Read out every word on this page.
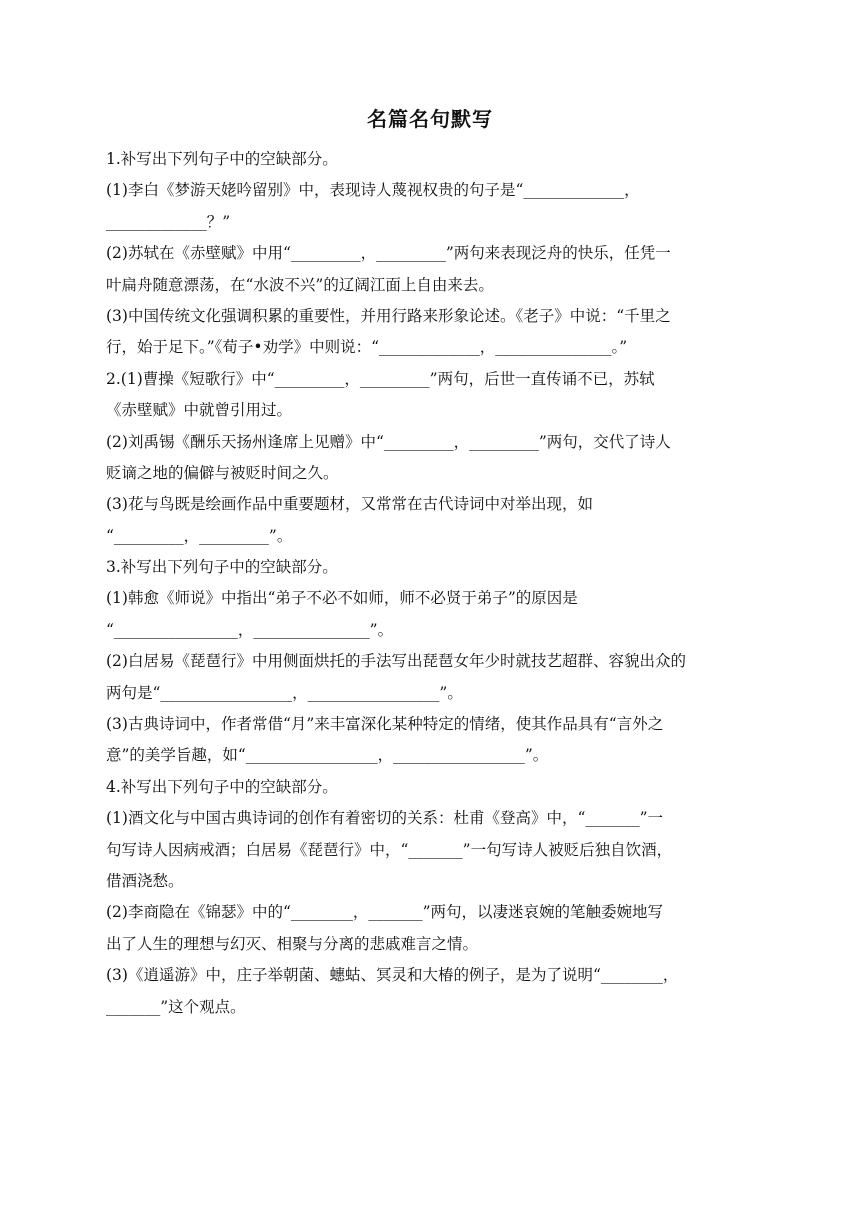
名篇名句默写
1.补写出下列句子中的空缺部分。
(1)李白《梦游天姥吟留别》中，表现诗人蔑视权贵的句子是“_____________，
_____________？”
(2)苏轼在《赤壁赋》中用“_________，_________”两句来表现泛舟的快乐，任凭一
叶扁舟随意漂荡，在“水波不兴”的辽阔江面上自由来去。
(3)中国传统文化强调积累的重要性，并用行路来形象论述。《老子》中说：“千里之
行，始于足下。”《荀子•劝学》中则说：“_____________，_______________。”
2.(1)曹操《短歌行》中“_________，_________”两句，后世一直传诵不已，苏轼
《赤壁赋》中就曾引用过。
(2)刘禹锡《酬乐天扬州逢席上见赠》中“_________，_________”两句，交代了诗人
贬谪之地的偏僻与被贬时间之久。
(3)花与鸟既是绘画作品中重要题材，又常常在古代诗词中对举出现，如
“_________，_________”。
3.补写出下列句子中的空缺部分。
(1)韩愈《师说》中指出“弟子不必不如师，师不必贤于弟子”的原因是
“________________，_______________”。
(2)白居易《琵琶行》中用侧面烘托的手法写出琵琶女年少时就技艺超群、容貌出众的
两句是“_________________，_________________”。
(3)古典诗词中，作者常借“月”来丰富深化某种特定的情绪，使其作品具有“言外之
意”的美学旨趣，如“_________________，_________________”。
4.补写出下列句子中的空缺部分。
(1)酒文化与中国古典诗词的创作有着密切的关系：杜甫《登高》中，“_______”一
句写诗人因病戒酒；白居易《琵琶行》中，“_______”一句写诗人被贬后独自饮酒，
借酒浇愁。
(2)李商隐在《锦瑟》中的“________，_______”两句，以凄迷哀婉的笔触委婉地写
出了人生的理想与幻灭、相聚与分离的悲戚难言之情。
(3)《逍遥游》中，庄子举朝菌、蟪蛄、冥灵和大椿的例子，是为了说明“________，
_______”这个观点。
